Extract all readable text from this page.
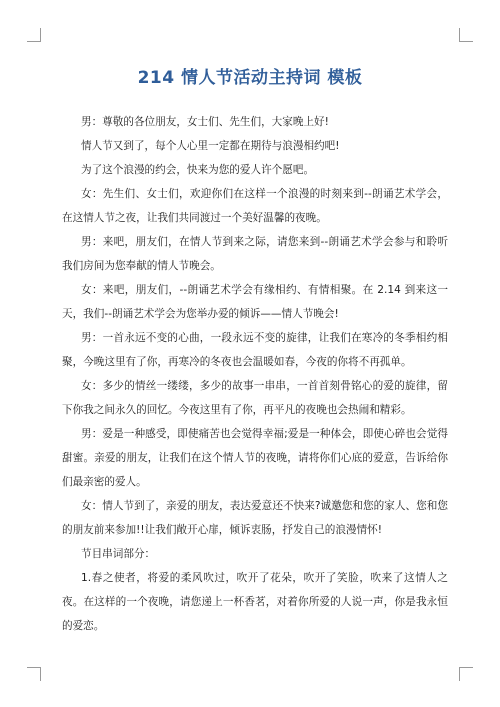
214 情人节活动主持词 模板

男：尊敬的各位朋友，女士们、先生们，大家晚上好!

情人节又到了，每个人心里一定都在期待与浪漫相约吧!

为了这个浪漫的约会，快来为您的爱人许个愿吧。

女：先生们、女士们，欢迎你们在这样一个浪漫的时刻来到--朗诵艺术学会，在这情人节之夜，让我们共同渡过一个美好温馨的夜晚。

男：来吧，朋友们，在情人节到来之际，请您来到--朗诵艺术学会参与和聆听我们房间为您奉献的情人节晚会。

女：来吧，朋友们，--朗诵艺术学会有缘相约、有情相聚。在 2.14 到来这一天，我们--朗诵艺术学会为您举办爱的倾诉——情人节晚会!

男：一首永远不变的心曲，一段永远不变的旋律，让我们在寒冷的冬季相约相聚，今晚这里有了你，再寒冷的冬夜也会温暖如春，今夜的你将不再孤单。

女：多少的情丝一缕缕，多少的故事一串串，一首首刻骨铭心的爱的旋律，留下你我之间永久的回忆。今夜这里有了你，再平凡的夜晚也会热闹和精彩。

男：爱是一种感受，即使痛苦也会觉得幸福;爱是一种体会，即使心碎也会觉得甜蜜。亲爱的朋友，让我们在这个情人节的夜晚，请将你们心底的爱意，告诉给你们最亲密的爱人。

女：情人节到了，亲爱的朋友，表达爱意还不快来?诚邀您和您的家人、您和您的朋友前来参加!!让我们敞开心扉，倾诉衷肠，抒发自己的浪漫情怀!

节目串词部分：

1.春之使者，将爱的柔风吹过，吹开了花朵，吹开了笑脸，吹来了这情人之夜。在这样的一个夜晚，请您递上一杯香茗，对着你所爱的人说一声，你是我永恒的爱恋。
